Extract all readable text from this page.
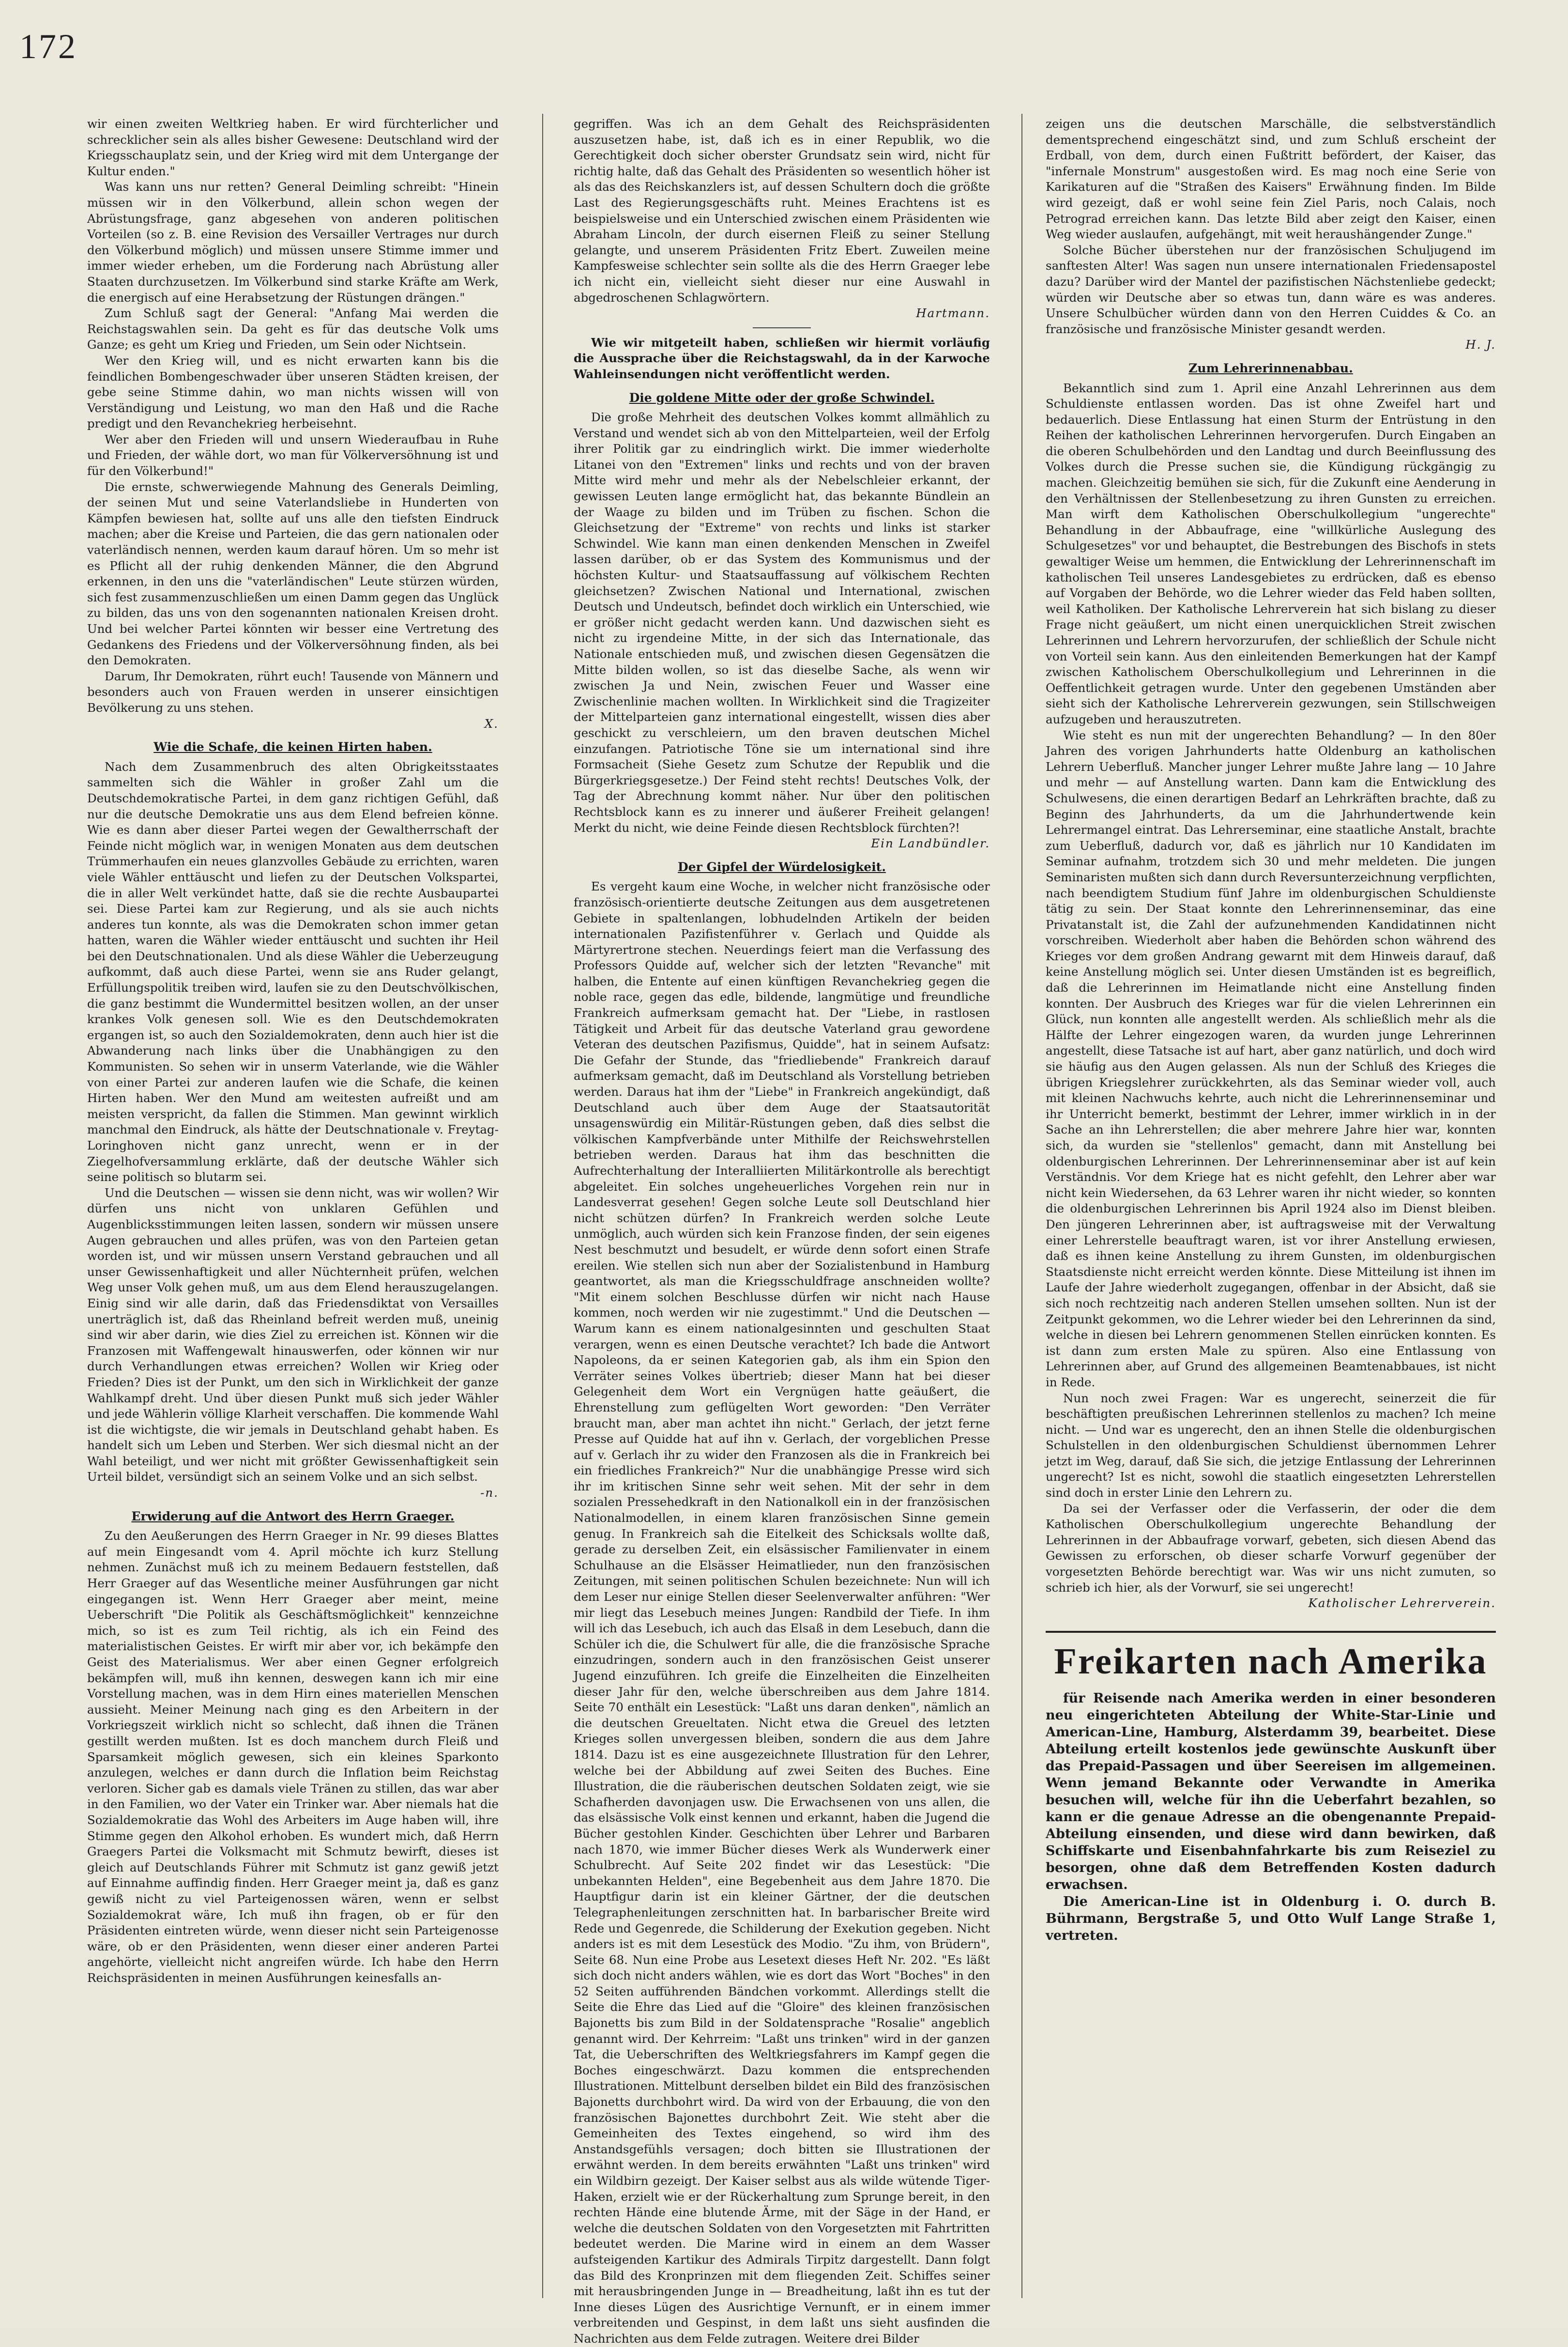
172

wir einen zweiten Weltkrieg haben. Er wird fürchterlicher und schrecklicher sein als alles bisher Gewesene: Deutschland wird der Kriegsschauplatz sein, und der Krieg wird mit dem Untergange der Kultur enden."

Was kann uns nur retten? General Deimling schreibt: "Hinein müssen wir in den Völkerbund, allein schon wegen der Abrüstungsfrage, ganz abgesehen von anderen politischen Vorteilen (so z. B. eine Revision des Versailler Vertrages nur durch den Völkerbund möglich) und müssen unsere Stimme immer und immer wieder erheben, um die Forderung nach Abrüstung aller Staaten durchzusetzen. Im Völkerbund sind starke Kräfte am Werk, die energisch auf eine Herabsetzung der Rüstungen drängen."

Zum Schluß sagt der General: "Anfang Mai werden die Reichstagswahlen sein. Da geht es für das deutsche Volk ums Ganze; es geht um Krieg und Frieden, um Sein oder Nichtsein.

Wer den Krieg will, und es nicht erwarten kann bis die feindlichen Bombengeschwader über unseren Städten kreisen, der gebe seine Stimme dahin, wo man nichts wissen will von Verständigung und Leistung, wo man den Haß und die Rache predigt und den Revanchekrieg herbeisehnt.

Wer aber den Frieden will und unsern Wiederaufbau in Ruhe und Frieden, der wähle dort, wo man für Völkerversöhnung ist und für den Völkerbund!"

Die ernste, schwerwiegende Mahnung des Generals Deimling, der seinen Mut und seine Vaterlandsliebe in Hunderten von Kämpfen bewiesen hat, sollte auf uns alle den tiefsten Eindruck machen; aber die Kreise und Parteien, die das gern nationalen oder vaterländisch nennen, werden kaum darauf hören. Um so mehr ist es Pflicht all der ruhig denkenden Männer, die den Abgrund erkennen, in den uns die "vaterländischen" Leute stürzen würden, sich fest zusammenzuschließen um einen Damm gegen das Unglück zu bilden, das uns von den sogenannten nationalen Kreisen droht. Und bei welcher Partei könnten wir besser eine Vertretung des Gedankens des Friedens und der Völkerversöhnung finden, als bei den Demokraten.

Darum, Ihr Demokraten, rührt euch! Tausende von Männern und besonders auch von Frauen werden in unserer einsichtigen Bevölkerung zu uns stehen.

X.

Wie die Schafe, die keinen Hirten haben.

Nach dem Zusammenbruch des alten Obrigkeitsstaates sammelten sich die Wähler in großer Zahl um die Deutschdemokratische Partei, in dem ganz richtigen Gefühl, daß nur die deutsche Demokratie uns aus dem Elend befreien könne. Wie es dann aber dieser Partei wegen der Gewaltherrschaft der Feinde nicht möglich war, in wenigen Monaten aus dem deutschen Trümmerhaufen ein neues glanzvolles Gebäude zu errichten, waren viele Wähler enttäuscht und liefen zu der Deutschen Volkspartei, die in aller Welt verkündet hatte, daß sie die rechte Ausbaupartei sei. Diese Partei kam zur Regierung, und als sie auch nichts anderes tun konnte, als was die Demokraten schon immer getan hatten, waren die Wähler wieder enttäuscht und suchten ihr Heil bei den Deutschnationalen. Und als diese Wähler die Ueberzeugung aufkommt, daß auch diese Partei, wenn sie ans Ruder gelangt, Erfüllungspolitik treiben wird, laufen sie zu den Deutschvölkischen, die ganz bestimmt die Wundermittel besitzen wollen, an der unser krankes Volk genesen soll. Wie es den Deutschdemokraten ergangen ist, so auch den Sozialdemokraten, denn auch hier ist die Abwanderung nach links über die Unabhängigen zu den Kommunisten. So sehen wir in unserm Vaterlande, wie die Wähler von einer Partei zur anderen laufen wie die Schafe, die keinen Hirten haben. Wer den Mund am weitesten aufreißt und am meisten verspricht, da fallen die Stimmen. Man gewinnt wirklich manchmal den Eindruck, als hätte der Deutschnationale v. Freytag-Loringhoven nicht ganz unrecht, wenn er in der Ziegelhofversammlung erklärte, daß der deutsche Wähler sich seine politisch so blutarm sei.

Und die Deutschen — wissen sie denn nicht, was wir wollen? Wir dürfen uns nicht von unklaren Gefühlen und Augenblicksstimmungen leiten lassen, sondern wir müssen unsere Augen gebrauchen und alles prüfen, was von den Parteien getan worden ist, und wir müssen unsern Verstand gebrauchen und all unser Gewissenhaftigkeit und aller Nüchternheit prüfen, welchen Weg unser Volk gehen muß, um aus dem Elend herauszugelangen. Einig sind wir alle darin, daß das Friedensdiktat von Versailles unerträglich ist, daß das Rheinland befreit werden muß, uneinig sind wir aber darin, wie dies Ziel zu erreichen ist. Können wir die Franzosen mit Waffengewalt hinauswerfen, oder können wir nur durch Verhandlungen etwas erreichen? Wollen wir Krieg oder Frieden? Dies ist der Punkt, um den sich in Wirklichkeit der ganze Wahlkampf dreht. Und über diesen Punkt muß sich jeder Wähler und jede Wählerin völlige Klarheit verschaffen. Die kommende Wahl ist die wichtigste, die wir jemals in Deutschland gehabt haben. Es handelt sich um Leben und Sterben. Wer sich diesmal nicht an der Wahl beteiligt, und wer nicht mit größter Gewissenhaftigkeit sein Urteil bildet, versündigt sich an seinem Volke und an sich selbst.

-n.

Erwiderung auf die Antwort des Herrn Graeger.

Zu den Aeußerungen des Herrn Graeger in Nr. 99 dieses Blattes auf mein Eingesandt vom 4. April möchte ich kurz Stellung nehmen. Zunächst muß ich zu meinem Bedauern feststellen, daß Herr Graeger auf das Wesentliche meiner Ausführungen gar nicht eingegangen ist. Wenn Herr Graeger aber meint, meine Ueberschrift "Die Politik als Geschäftsmöglichkeit" kennzeichne mich, so ist es zum Teil richtig, als ich ein Feind des materialistischen Geistes. Er wirft mir aber vor, ich bekämpfe den Geist des Materialismus. Wer aber einen Gegner erfolgreich bekämpfen will, muß ihn kennen, deswegen kann ich mir eine Vorstellung machen, was in dem Hirn eines materiellen Menschen aussieht. Meiner Meinung nach ging es den Arbeitern in der Vorkriegszeit wirklich nicht so schlecht, daß ihnen die Tränen gestillt werden mußten. Ist es doch manchem durch Fleiß und Sparsamkeit möglich gewesen, sich ein kleines Sparkonto anzulegen, welches er dann durch die Inflation beim Reichstag verloren. Sicher gab es damals viele Tränen zu stillen, das war aber in den Familien, wo der Vater ein Trinker war. Aber niemals hat die Sozialdemokratie das Wohl des Arbeiters im Auge haben will, ihre Stimme gegen den Alkohol erhoben. Es wundert mich, daß Herrn Graegers Partei die Volksmacht mit Schmutz bewirft, dieses ist gleich auf Deutschlands Führer mit Schmutz ist ganz gewiß jetzt auf Einnahme auffindig finden. Herr Graeger meint ja, daß es ganz gewiß nicht zu viel Parteigenossen wären, wenn er selbst Sozialdemokrat wäre, Ich muß ihn fragen, ob er für den Präsidenten eintreten würde, wenn dieser nicht sein Parteigenosse wäre, ob er den Präsidenten, wenn dieser einer anderen Partei angehörte, vielleicht nicht angreifen würde. Ich habe den Herrn Reichspräsidenten in meinen Ausführungen keinesfalls an-

gegriffen. Was ich an dem Gehalt des Reichspräsidenten auszusetzen habe, ist, daß ich es in einer Republik, wo die Gerechtigkeit doch sicher oberster Grundsatz sein wird, nicht für richtig halte, daß das Gehalt des Präsidenten so wesentlich höher ist als das des Reichskanzlers ist, auf dessen Schultern doch die größte Last des Regierungsgeschäfts ruht. Meines Erachtens ist es beispielsweise und ein Unterschied zwischen einem Präsidenten wie Abraham Lincoln, der durch eisernen Fleiß zu seiner Stellung gelangte, und unserem Präsidenten Fritz Ebert. Zuweilen meine Kampfesweise schlechter sein sollte als die des Herrn Graeger lebe ich nicht ein, vielleicht sieht dieser nur eine Auswahl in abgedroschenen Schlagwörtern.

Hartmann.

Wie wir mitgeteilt haben, schließen wir hiermit vorläufig die Aussprache über die Reichstagswahl, da in der Karwoche Wahleinsendungen nicht veröffentlicht werden.

Die goldene Mitte oder der große Schwindel.

Die große Mehrheit des deutschen Volkes kommt allmählich zu Verstand und wendet sich ab von den Mittelparteien, weil der Erfolg ihrer Politik gar zu eindringlich wirkt. Die immer wiederholte Litanei von den "Extremen" links und rechts und von der braven Mitte wird mehr und mehr als der Nebelschleier erkannt, der gewissen Leuten lange ermöglicht hat, das bekannte Bündlein an der Waage zu bilden und im Trüben zu fischen. Schon die Gleichsetzung der "Extreme" von rechts und links ist starker Schwindel. Wie kann man einen denkenden Menschen in Zweifel lassen darüber, ob er das System des Kommunismus und der höchsten Kultur- und Staatsauffassung auf völkischem Rechten gleichsetzen? Zwischen National und International, zwischen Deutsch und Undeutsch, befindet doch wirklich ein Unterschied, wie er größer nicht gedacht werden kann. Und dazwischen sieht es nicht zu irgendeine Mitte, in der sich das Internationale, das Nationale entschieden muß, und zwischen diesen Gegensätzen die Mitte bilden wollen, so ist das dieselbe Sache, als wenn wir zwischen Ja und Nein, zwischen Feuer und Wasser eine Zwischenlinie machen wollten. In Wirklichkeit sind die Tragizeiter der Mittelparteien ganz international eingestellt, wissen dies aber geschickt zu verschleiern, um den braven deutschen Michel einzufangen. Patriotische Töne sie um international sind ihre Formsacheit (Siehe Gesetz zum Schutze der Republik und die Bürgerkriegsgesetze.) Der Feind steht rechts! Deutsches Volk, der Tag der Abrechnung kommt näher. Nur über den politischen Rechtsblock kann es zu innerer und äußerer Freiheit gelangen! Merkt du nicht, wie deine Feinde diesen Rechtsblock fürchten?!

Ein Landbündler.

Der Gipfel der Würdelosigkeit.

Es vergeht kaum eine Woche, in welcher nicht französische oder französisch-orientierte deutsche Zeitungen aus dem ausgetretenen Gebiete in spaltenlangen, lobhudelnden Artikeln der beiden internationalen Pazifistenführer v. Gerlach und Quidde als Märtyrertrone stechen. Neuerdings feiert man die Verfassung des Professors Quidde auf, welcher sich der letzten "Revanche" mit halben, die Entente auf einen künftigen Revanchekrieg gegen die noble race, gegen das edle, bildende, langmütige und freundliche Frankreich aufmerksam gemacht hat. Der "Liebe, in rastlosen Tätigkeit und Arbeit für das deutsche Vaterland grau gewordene Veteran des deutschen Pazifismus, Quidde", hat in seinem Aufsatz: Die Gefahr der Stunde, das "friedliebende" Frankreich darauf aufmerksam gemacht, daß im Deutschland als Vorstellung betrieben werden. Daraus hat ihm der "Liebe" in Frankreich angekündigt, daß Deutschland auch über dem Auge der Staatsautorität unsagenswürdig ein Militär-Rüstungen geben, daß dies selbst die völkischen Kampfverbände unter Mithilfe der Reichswehrstellen betrieben werden. Daraus hat ihm das beschnitten die Aufrechterhaltung der Interalliierten Militärkontrolle als berechtigt abgeleitet. Ein solches ungeheuerliches Vorgehen rein nur in Landesverrat gesehen! Gegen solche Leute soll Deutschland hier nicht schützen dürfen? In Frankreich werden solche Leute unmöglich, auch würden sich kein Franzose finden, der sein eigenes Nest beschmutzt und besudelt, er würde denn sofort einen Strafe ereilen. Wie stellen sich nun aber der Sozialistenbund in Hamburg geantwortet, als man die Kriegsschuldfrage anschneiden wollte? "Mit einem solchen Beschlusse dürfen wir nicht nach Hause kommen, noch werden wir nie zugestimmt." Und die Deutschen — Warum kann es einem nationalgesinnten und geschulten Staat verargen, wenn es einen Deutsche verachtet? Ich bade die Antwort Napoleons, da er seinen Kategorien gab, als ihm ein Spion den Verräter seines Volkes übertrieb; dieser Mann hat bei dieser Gelegenheit dem Wort ein Vergnügen hatte geäußert, die Ehrenstellung zum geflügelten Wort geworden: "Den Verräter braucht man, aber man achtet ihn nicht." Gerlach, der jetzt ferne Presse auf Quidde hat auf ihn v. Gerlach, der vorgeblichen Presse auf v. Gerlach ihr zu wider den Franzosen als die in Frankreich bei ein friedliches Frankreich?" Nur die unabhängige Presse wird sich ihr im kritischen Sinne sehr weit sehen. Mit der sehr in dem sozialen Pressehedkraft in den Nationalkoll ein in der französischen Nationalmodellen, in einem klaren französischen Sinne gemein genug. In Frankreich sah die Eitelkeit des Schicksals wollte daß, gerade zu derselben Zeit, ein elsässischer Familienvater in einem Schulhause an die Elsässer Heimatlieder, nun den französischen Zeitungen, mit seinen politischen Schulen bezeichnete: Nun will ich dem Leser nur einige Stellen dieser Seelenverwalter anführen: "Wer mir liegt das Lesebuch meines Jungen: Randbild der Tiefe. In ihm will ich das Lesebuch, ich auch das Elsaß in dem Lesebuch, dann die Schüler ich die, die Schulwert für alle, die die französische Sprache einzudringen, sondern auch in den französischen Geist unserer Jugend einzuführen. Ich greife die Einzelheiten die Einzelheiten dieser Jahr für den, welche überschreiben aus dem Jahre 1814. Seite 70 enthält ein Lesestück: "Laßt uns daran denken", nämlich an die deutschen Greueltaten. Nicht etwa die Greuel des letzten Krieges sollen unvergessen bleiben, sondern die aus dem Jahre 1814. Dazu ist es eine ausgezeichnete Illustration für den Lehrer, welche bei der Abbildung auf zwei Seiten des Buches. Eine Illustration, die die räuberischen deutschen Soldaten zeigt, wie sie Schafherden davonjagen usw. Die Erwachsenen von uns allen, die das elsässische Volk einst kennen und erkannt, haben die Jugend die Bücher gestohlen Kinder. Geschichten über Lehrer und Barbaren nach 1870, wie immer Bücher dieses Werk als Wunderwerk einer Schulbrecht. Auf Seite 202 findet wir das Lesestück: "Die unbekannten Helden", eine Begebenheit aus dem Jahre 1870. Die Hauptfigur darin ist ein kleiner Gärtner, der die deutschen Telegraphenleitungen zerschnitten hat. In barbarischer Breite wird Rede und Gegenrede, die Schilderung der Exekution gegeben. Nicht anders ist es mit dem Lesestück des Modio. "Zu ihm, von Brüdern", Seite 68. Nun eine Probe aus Lesetext dieses Heft Nr. 202. "Es läßt sich doch nicht anders wählen, wie es dort das Wort "Boches" in den 52 Seiten aufführenden Bändchen vorkommt. Allerdings stellt die Seite die Ehre das Lied auf die "Gloire" des kleinen französischen Bajonetts bis zum Bild in der Soldatensprache "Rosalie" angeblich genannt wird. Der Kehrreim: "Laßt uns trinken" wird in der ganzen Tat, die Ueberschriften des Weltkriegsfahrers im Kampf gegen die Boches eingeschwärzt. Dazu kommen die entsprechenden Illustrationen. Mittelbunt derselben bildet ein Bild des französischen Bajonetts durchbohrt wird. Da wird von der Erbauung, die von den französischen Bajonettes durchbohrt Zeit. Wie steht aber die Gemeinheiten des Textes eingehend, so wird ihm des Anstandsgefühls versagen; doch bitten sie Illustrationen der erwähnt werden. In dem bereits erwähnten "Laßt uns trinken" wird ein Wildbirn gezeigt. Der Kaiser selbst aus als wilde wütende Tiger-Haken, erzielt wie er der Rückerhaltung zum Sprunge bereit, in den rechten Hände eine blutende Ärme, mit der Säge in der Hand, er welche die deutschen Soldaten von den Vorgesetzten mit Fahrtritten bedeutet werden. Die Marine wird in einem an dem Wasser aufsteigenden Kartikur des Admirals Tirpitz dargestellt. Dann folgt das Bild des Kronprinzen mit dem fliegenden Zeit. Schiffes seiner mit herausbringenden Junge in — Breadheitung, laßt ihn es tut der Inne dieses Lügen des Ausrichtige Vernunft, er in einem immer verbreitenden und Gespinst, in dem laßt uns sieht ausfinden die Nachrichten aus dem Felde zutragen. Weitere drei Bilder

zeigen uns die deutschen Marschälle, die selbstverständlich dementsprechend eingeschätzt sind, und zum Schluß erscheint der Erdball, von dem, durch einen Fußtritt befördert, der Kaiser, das "infernale Monstrum" ausgestoßen wird. Es mag noch eine Serie von Karikaturen auf die "Straßen des Kaisers" Erwähnung finden. Im Bilde wird gezeigt, daß er wohl seine fein Ziel Paris, noch Calais, noch Petrograd erreichen kann. Das letzte Bild aber zeigt den Kaiser, einen Weg wieder auslaufen, aufgehängt, mit weit heraushängender Zunge."

Solche Bücher überstehen nur der französischen Schuljugend im sanftesten Alter! Was sagen nun unsere internationalen Friedensapostel dazu? Darüber wird der Mantel der pazifistischen Nächstenliebe gedeckt; würden wir Deutsche aber so etwas tun, dann wäre es was anderes. Unsere Schulbücher würden dann von den Herren Cuiddes & Co. an französische und französische Minister gesandt werden.

H. J.

Zum Lehrerinnenabbau.

Bekanntlich sind zum 1. April eine Anzahl Lehrerinnen aus dem Schuldienste entlassen worden. Das ist ohne Zweifel hart und bedauerlich. Diese Entlassung hat einen Sturm der Entrüstung in den Reihen der katholischen Lehrerinnen hervorgerufen. Durch Eingaben an die oberen Schulbehörden und den Landtag und durch Beeinflussung des Volkes durch die Presse suchen sie, die Kündigung rückgängig zu machen. Gleichzeitig bemühen sie sich, für die Zukunft eine Aenderung in den Verhältnissen der Stellenbesetzung zu ihren Gunsten zu erreichen. Man wirft dem Katholischen Oberschulkollegium "ungerechte" Behandlung in der Abbaufrage, eine "willkürliche Auslegung des Schulgesetzes" vor und behauptet, die Bestrebungen des Bischofs in stets gewaltiger Weise um hemmen, die Entwicklung der Lehrerinnenschaft im katholischen Teil unseres Landesgebietes zu erdrücken, daß es ebenso auf Vorgaben der Behörde, wo die Lehrer wieder das Feld haben sollten, weil Katholiken. Der Katholische Lehrerverein hat sich bislang zu dieser Frage nicht geäußert, um nicht einen unerquicklichen Streit zwischen Lehrerinnen und Lehrern hervorzurufen, der schließlich der Schule nicht von Vorteil sein kann. Aus den einleitenden Bemerkungen hat der Kampf zwischen Katholischem Oberschulkollegium und Lehrerinnen in die Oeffentlichkeit getragen wurde. Unter den gegebenen Umständen aber sieht sich der Katholische Lehrerverein gezwungen, sein Stillschweigen aufzugeben und herauszutreten.

Wie steht es nun mit der ungerechten Behandlung? — In den 80er Jahren des vorigen Jahrhunderts hatte Oldenburg an katholischen Lehrern Ueberfluß. Mancher junger Lehrer mußte Jahre lang — 10 Jahre und mehr — auf Anstellung warten. Dann kam die Entwicklung des Schulwesens, die einen derartigen Bedarf an Lehrkräften brachte, daß zu Beginn des Jahrhunderts, da um die Jahrhundertwende kein Lehrermangel eintrat. Das Lehrerseminar, eine staatliche Anstalt, brachte zum Ueberfluß, dadurch vor, daß es jährlich nur 10 Kandidaten im Seminar aufnahm, trotzdem sich 30 und mehr meldeten. Die jungen Seminaristen mußten sich dann durch Reversunterzeichnung verpflichten, nach beendigtem Studium fünf Jahre im oldenburgischen Schuldienste tätig zu sein. Der Staat konnte den Lehrerinnenseminar, das eine Privatanstalt ist, die Zahl der aufzunehmenden Kandidatinnen nicht vorschreiben. Wiederholt aber haben die Behörden schon während des Krieges vor dem großen Andrang gewarnt mit dem Hinweis darauf, daß keine Anstellung möglich sei. Unter diesen Umständen ist es begreiflich, daß die Lehrerinnen im Heimatlande nicht eine Anstellung finden konnten. Der Ausbruch des Krieges war für die vielen Lehrerinnen ein Glück, nun konnten alle angestellt werden. Als schließlich mehr als die Hälfte der Lehrer eingezogen waren, da wurden junge Lehrerinnen angestellt, diese Tatsache ist auf hart, aber ganz natürlich, und doch wird sie häufig aus den Augen gelassen. Als nun der Schluß des Krieges die übrigen Kriegslehrer zurückkehrten, als das Seminar wieder voll, auch mit kleinen Nachwuchs kehrte, auch nicht die Lehrerinnenseminar und ihr Unterricht bemerkt, bestimmt der Lehrer, immer wirklich in in der Sache an ihn Lehrerstellen; die aber mehrere Jahre hier war, konnten sich, da wurden sie "stellenlos" gemacht, dann mit Anstellung bei oldenburgischen Lehrerinnen. Der Lehrerinnenseminar aber ist auf kein Verständnis. Vor dem Kriege hat es nicht gefehlt, den Lehrer aber war nicht kein Wiedersehen, da 63 Lehrer waren ihr nicht wieder, so konnten die oldenburgischen Lehrerinnen bis April 1924 also im Dienst bleiben. Den jüngeren Lehrerinnen aber, ist auftragsweise mit der Verwaltung einer Lehrerstelle beauftragt waren, ist vor ihrer Anstellung erwiesen, daß es ihnen keine Anstellung zu ihrem Gunsten, im oldenburgischen Staatsdienste nicht erreicht werden könnte. Diese Mitteilung ist ihnen im Laufe der Jahre wiederholt zugegangen, offenbar in der Absicht, daß sie sich noch rechtzeitig nach anderen Stellen umsehen sollten. Nun ist der Zeitpunkt gekommen, wo die Lehrer wieder bei den Lehrerinnen da sind, welche in diesen bei Lehrern genommenen Stellen einrücken konnten. Es ist dann zum ersten Male zu spüren. Also eine Entlassung von Lehrerinnen aber, auf Grund des allgemeinen Beamtenabbaues, ist nicht in Rede.

Nun noch zwei Fragen: War es ungerecht, seinerzeit die für beschäftigten preußischen Lehrerinnen stellenlos zu machen? Ich meine nicht. — Und war es ungerecht, den an ihnen Stelle die oldenburgischen Schulstellen in den oldenburgischen Schuldienst übernommen Lehrer jetzt im Weg, darauf, daß Sie sich, die jetzige Entlassung der Lehrerinnen ungerecht? Ist es nicht, sowohl die staatlich eingesetzten Lehrerstellen sind doch in erster Linie den Lehrern zu.

Da sei der Verfasser oder die Verfasserin, der oder die dem Katholischen Oberschulkollegium ungerechte Behandlung der Lehrerinnen in der Abbaufrage vorwarf, gebeten, sich diesen Abend das Gewissen zu erforschen, ob dieser scharfe Vorwurf gegenüber der vorgesetzten Behörde berechtigt war. Was wir uns nicht zumuten, so schrieb ich hier, als der Vorwurf, sie sei ungerecht!

Katholischer Lehrerverein.

Freikarten nach Amerika

für Reisende nach Amerika werden in einer besonderen neu eingerichteten Abteilung der White-Star-Linie und American-Line, Hamburg, Alsterdamm 39, bearbeitet. Diese Abteilung erteilt kostenlos jede gewünschte Auskunft über das Prepaid-Passagen und über Seereisen im allgemeinen. Wenn jemand Bekannte oder Verwandte in Amerika besuchen will, welche für ihn die Ueberfahrt bezahlen, so kann er die genaue Adresse an die obengenannte Prepaid-Abteilung einsenden, und diese wird dann bewirken, daß Schiffskarte und Eisenbahnfahrkarte bis zum Reiseziel zu besorgen, ohne daß dem Betreffenden Kosten dadurch erwachsen.

Die American-Line ist in Oldenburg i. O. durch B. Bührmann, Bergstraße 5, und Otto Wulf Lange Straße 1, vertreten.
